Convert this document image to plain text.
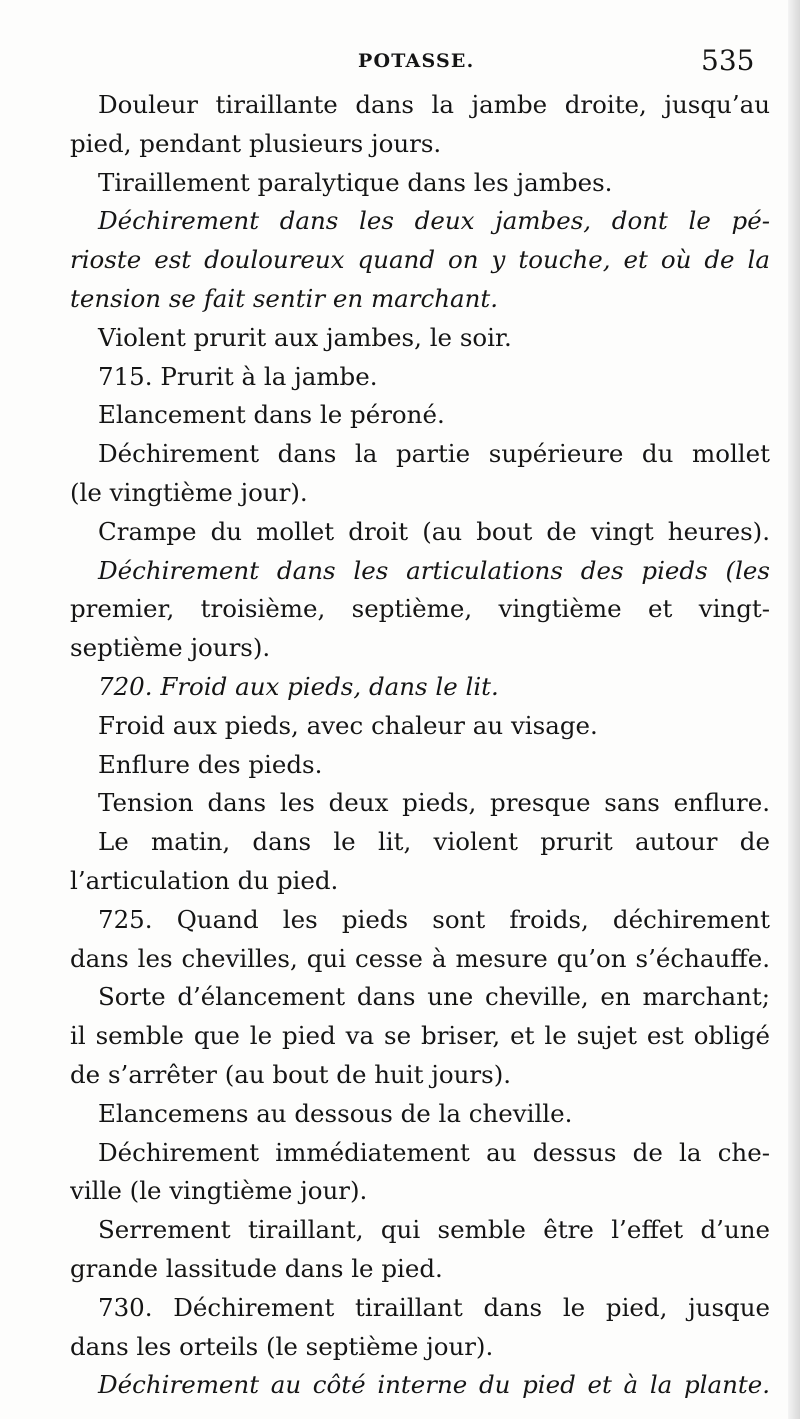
POTASSE.	535
Douleur tiraillante dans la jambe droite, jusqu’au
pied, pendant plusieurs jours.
Tiraillement paralytique dans les jambes.
Déchirement dans les deux jambes, dont le pé-
rioste est douloureux quand on y touche, et où de la
tension se fait sentir en marchant.
Violent prurit aux jambes, le soir.
715. Prurit à la jambe.
Elancement dans le péroné.
Déchirement dans la partie supérieure du mollet
(le vingtième jour).
Crampe du mollet droit (au bout de vingt heures).
Déchirement dans les articulations des pieds (les
premier, troisième, septième, vingtième et vingt-
septième jours).
720. Froid aux pieds, dans le lit.
Froid aux pieds, avec chaleur au visage.
Enflure des pieds.
Tension dans les deux pieds, presque sans enflure.
Le matin, dans le lit, violent prurit autour de
l’articulation du pied.
725. Quand les pieds sont froids, déchirement
dans les chevilles, qui cesse à mesure qu’on s’échauffe.
Sorte d’élancement dans une cheville, en marchant;
il semble que le pied va se briser, et le sujet est obligé
de s’arrêter (au bout de huit jours).
Elancemens au dessous de la cheville.
Déchirement immédiatement au dessus de la che-
ville (le vingtième jour).
Serrement tiraillant, qui semble être l’effet d’une
grande lassitude dans le pied.
730. Déchirement tiraillant dans le pied, jusque
dans les orteils (le septième jour).
Déchirement au côté interne du pied et à la plante.
